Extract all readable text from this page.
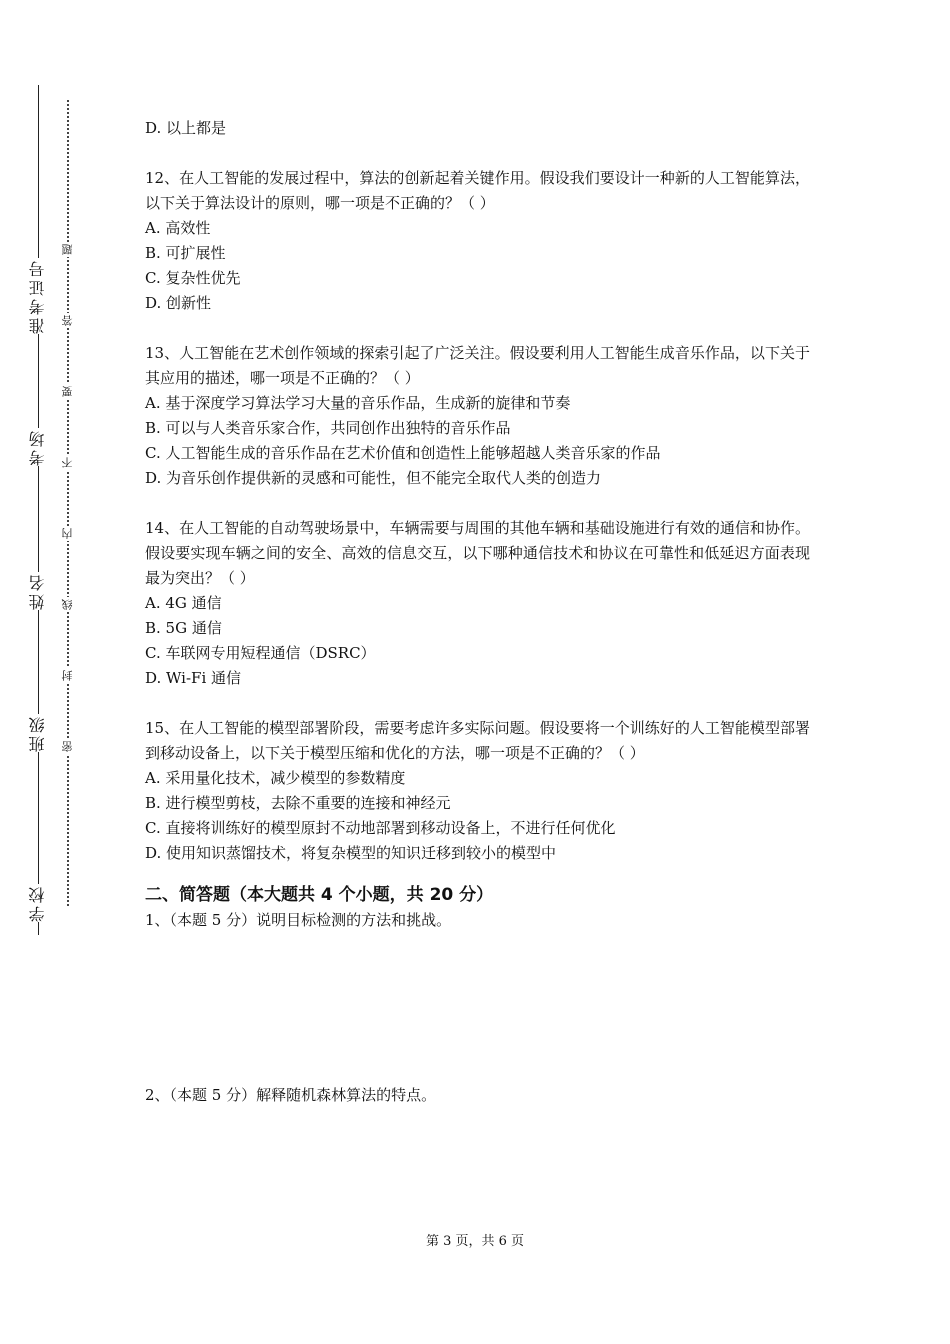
准考证号
考场
姓名
班级
学校
题
答
要
不
内
线
封
密
D. 以上都是
12、在人工智能的发展过程中，算法的创新起着关键作用。假设我们要设计一种新的人工智能算法，以下关于算法设计的原则，哪一项是不正确的？（ ）
A. 高效性
B. 可扩展性
C. 复杂性优先
D. 创新性
13、人工智能在艺术创作领域的探索引起了广泛关注。假设要利用人工智能生成音乐作品，以下关于其应用的描述，哪一项是不正确的？（ ）
A. 基于深度学习算法学习大量的音乐作品，生成新的旋律和节奏
B. 可以与人类音乐家合作，共同创作出独特的音乐作品
C. 人工智能生成的音乐作品在艺术价值和创造性上能够超越人类音乐家的作品
D. 为音乐创作提供新的灵感和可能性，但不能完全取代人类的创造力
14、在人工智能的自动驾驶场景中，车辆需要与周围的其他车辆和基础设施进行有效的通信和协作。假设要实现车辆之间的安全、高效的信息交互，以下哪种通信技术和协议在可靠性和低延迟方面表现最为突出？（ ）
A. 4G 通信
B. 5G 通信
C. 车联网专用短程通信（DSRC）
D. Wi-Fi 通信
15、在人工智能的模型部署阶段，需要考虑许多实际问题。假设要将一个训练好的人工智能模型部署到移动设备上，以下关于模型压缩和优化的方法，哪一项是不正确的？（ ）
A. 采用量化技术，减少模型的参数精度
B. 进行模型剪枝，去除不重要的连接和神经元
C. 直接将训练好的模型原封不动地部署到移动设备上，不进行任何优化
D. 使用知识蒸馏技术，将复杂模型的知识迁移到较小的模型中
二、简答题（本大题共 4 个小题，共 20 分）
1、（本题 5 分）说明目标检测的方法和挑战。
2、（本题 5 分）解释随机森林算法的特点。
第 3 页，共 6 页
